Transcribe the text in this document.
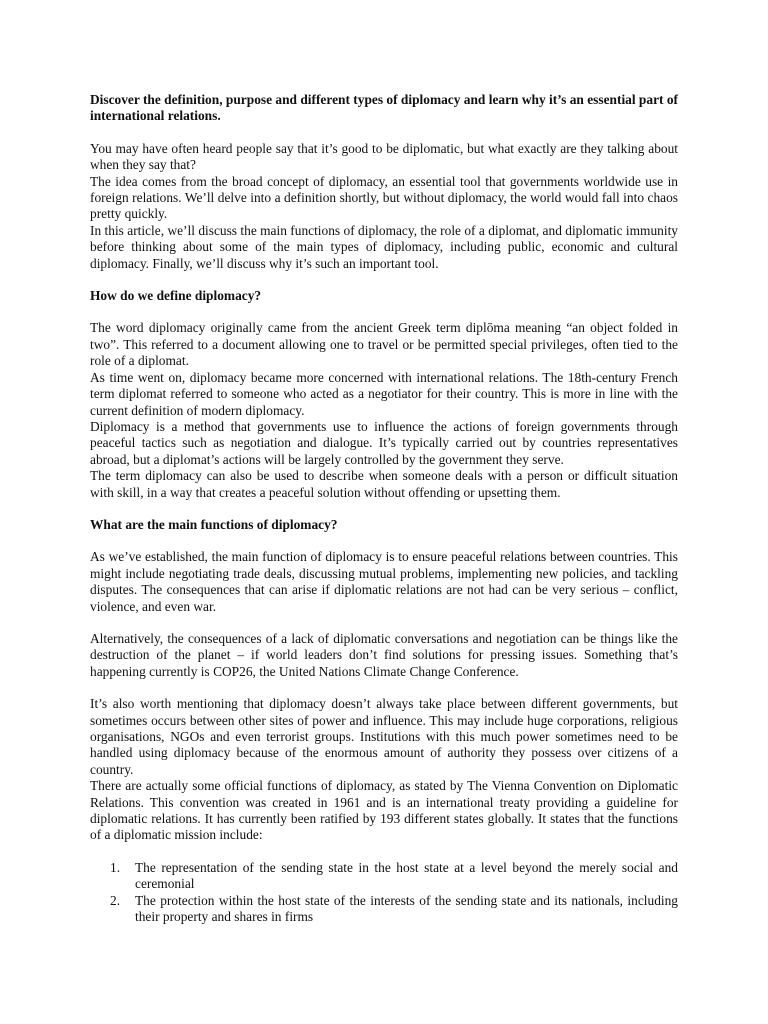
Discover the definition, purpose and different types of diplomacy and learn why it’s an essential part of international relations.

You may have often heard people say that it’s good to be diplomatic, but what exactly are they talking about when they say that?

The idea comes from the broad concept of diplomacy, an essential tool that governments worldwide use in foreign relations. We’ll delve into a definition shortly, but without diplomacy, the world would fall into chaos pretty quickly.

In this article, we’ll discuss the main functions of diplomacy, the role of a diplomat, and diplomatic immunity before thinking about some of the main types of diplomacy, including public, economic and cultural diplomacy. Finally, we’ll discuss why it’s such an important tool.

How do we define diplomacy?

The word diplomacy originally came from the ancient Greek term diplōma meaning “an object folded in two”. This referred to a document allowing one to travel or be permitted special privileges, often tied to the role of a diplomat.

As time went on, diplomacy became more concerned with international relations. The 18th-century French term diplomat referred to someone who acted as a negotiator for their country. This is more in line with the current definition of modern diplomacy.

Diplomacy is a method that governments use to influence the actions of foreign governments through peaceful tactics such as negotiation and dialogue. It’s typically carried out by countries representatives abroad, but a diplomat’s actions will be largely controlled by the government they serve.

The term diplomacy can also be used to describe when someone deals with a person or difficult situation with skill, in a way that creates a peaceful solution without offending or upsetting them.

What are the main functions of diplomacy?

As we’ve established, the main function of diplomacy is to ensure peaceful relations between countries. This might include negotiating trade deals, discussing mutual problems, implementing new policies, and tackling disputes. The consequences that can arise if diplomatic relations are not had can be very serious – conflict, violence, and even war.

Alternatively, the consequences of a lack of diplomatic conversations and negotiation can be things like the destruction of the planet – if world leaders don’t find solutions for pressing issues. Something that’s happening currently is COP26, the United Nations Climate Change Conference.

It’s also worth mentioning that diplomacy doesn’t always take place between different governments, but sometimes occurs between other sites of power and influence. This may include huge corporations, religious organisations, NGOs and even terrorist groups. Institutions with this much power sometimes need to be handled using diplomacy because of the enormous amount of authority they possess over citizens of a country.

There are actually some official functions of diplomacy, as stated by The Vienna Convention on Diplomatic Relations. This convention was created in 1961 and is an international treaty providing a guideline for diplomatic relations. It has currently been ratified by 193 different states globally. It states that the functions of a diplomatic mission include:

1. The representation of the sending state in the host state at a level beyond the merely social and ceremonial
2. The protection within the host state of the interests of the sending state and its nationals, including their property and shares in firms
